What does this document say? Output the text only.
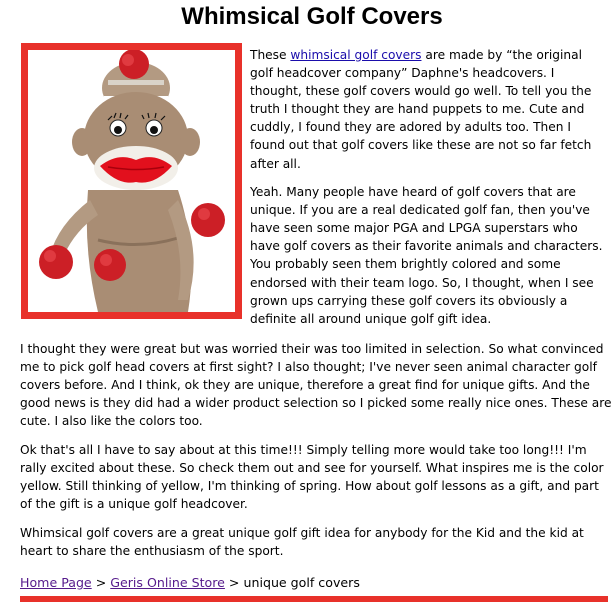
Whimsical Golf Covers

These whimsical golf covers are made by “the original golf headcover company” Daphne's headcovers. I thought, these golf covers would go well. To tell you the truth I thought they are hand puppets to me. Cute and cuddly, I found they are adored by adults too. Then I found out that golf covers like these are not so far fetch after all.

Yeah. Many people have heard of golf covers that are unique. If you are a real dedicated golf fan, then you've have seen some major PGA and LPGA superstars who have golf covers as their favorite animals and characters. You probably seen them brightly colored and some endorsed with their team logo. So, I thought, when I see grown ups carrying these golf covers its obviously a definite all around unique golf gift idea.

I thought they were great but was worried their was too limited in selection. So what convinced me to pick golf head covers at first sight? I also thought; I've never seen animal character golf covers before. And I think, ok they are unique, therefore a great find for unique gifts. And the good news is they did had a wider product selection so I picked some really nice ones. These are cute. I also like the colors too.

Ok that's all I have to say about at this time!!! Simply telling more would take too long!!! I'm rally excited about these. So check them out and see for yourself. What inspires me is the color yellow. Still thinking of yellow, I'm thinking of spring. How about golf lessons as a gift, and part of the gift is a unique golf headcover.

Whimsical golf covers are a great unique golf gift idea for anybody for the Kid and the kid at heart to share the enthusiasm of the sport.

Home Page > Geris Online Store > unique golf covers
